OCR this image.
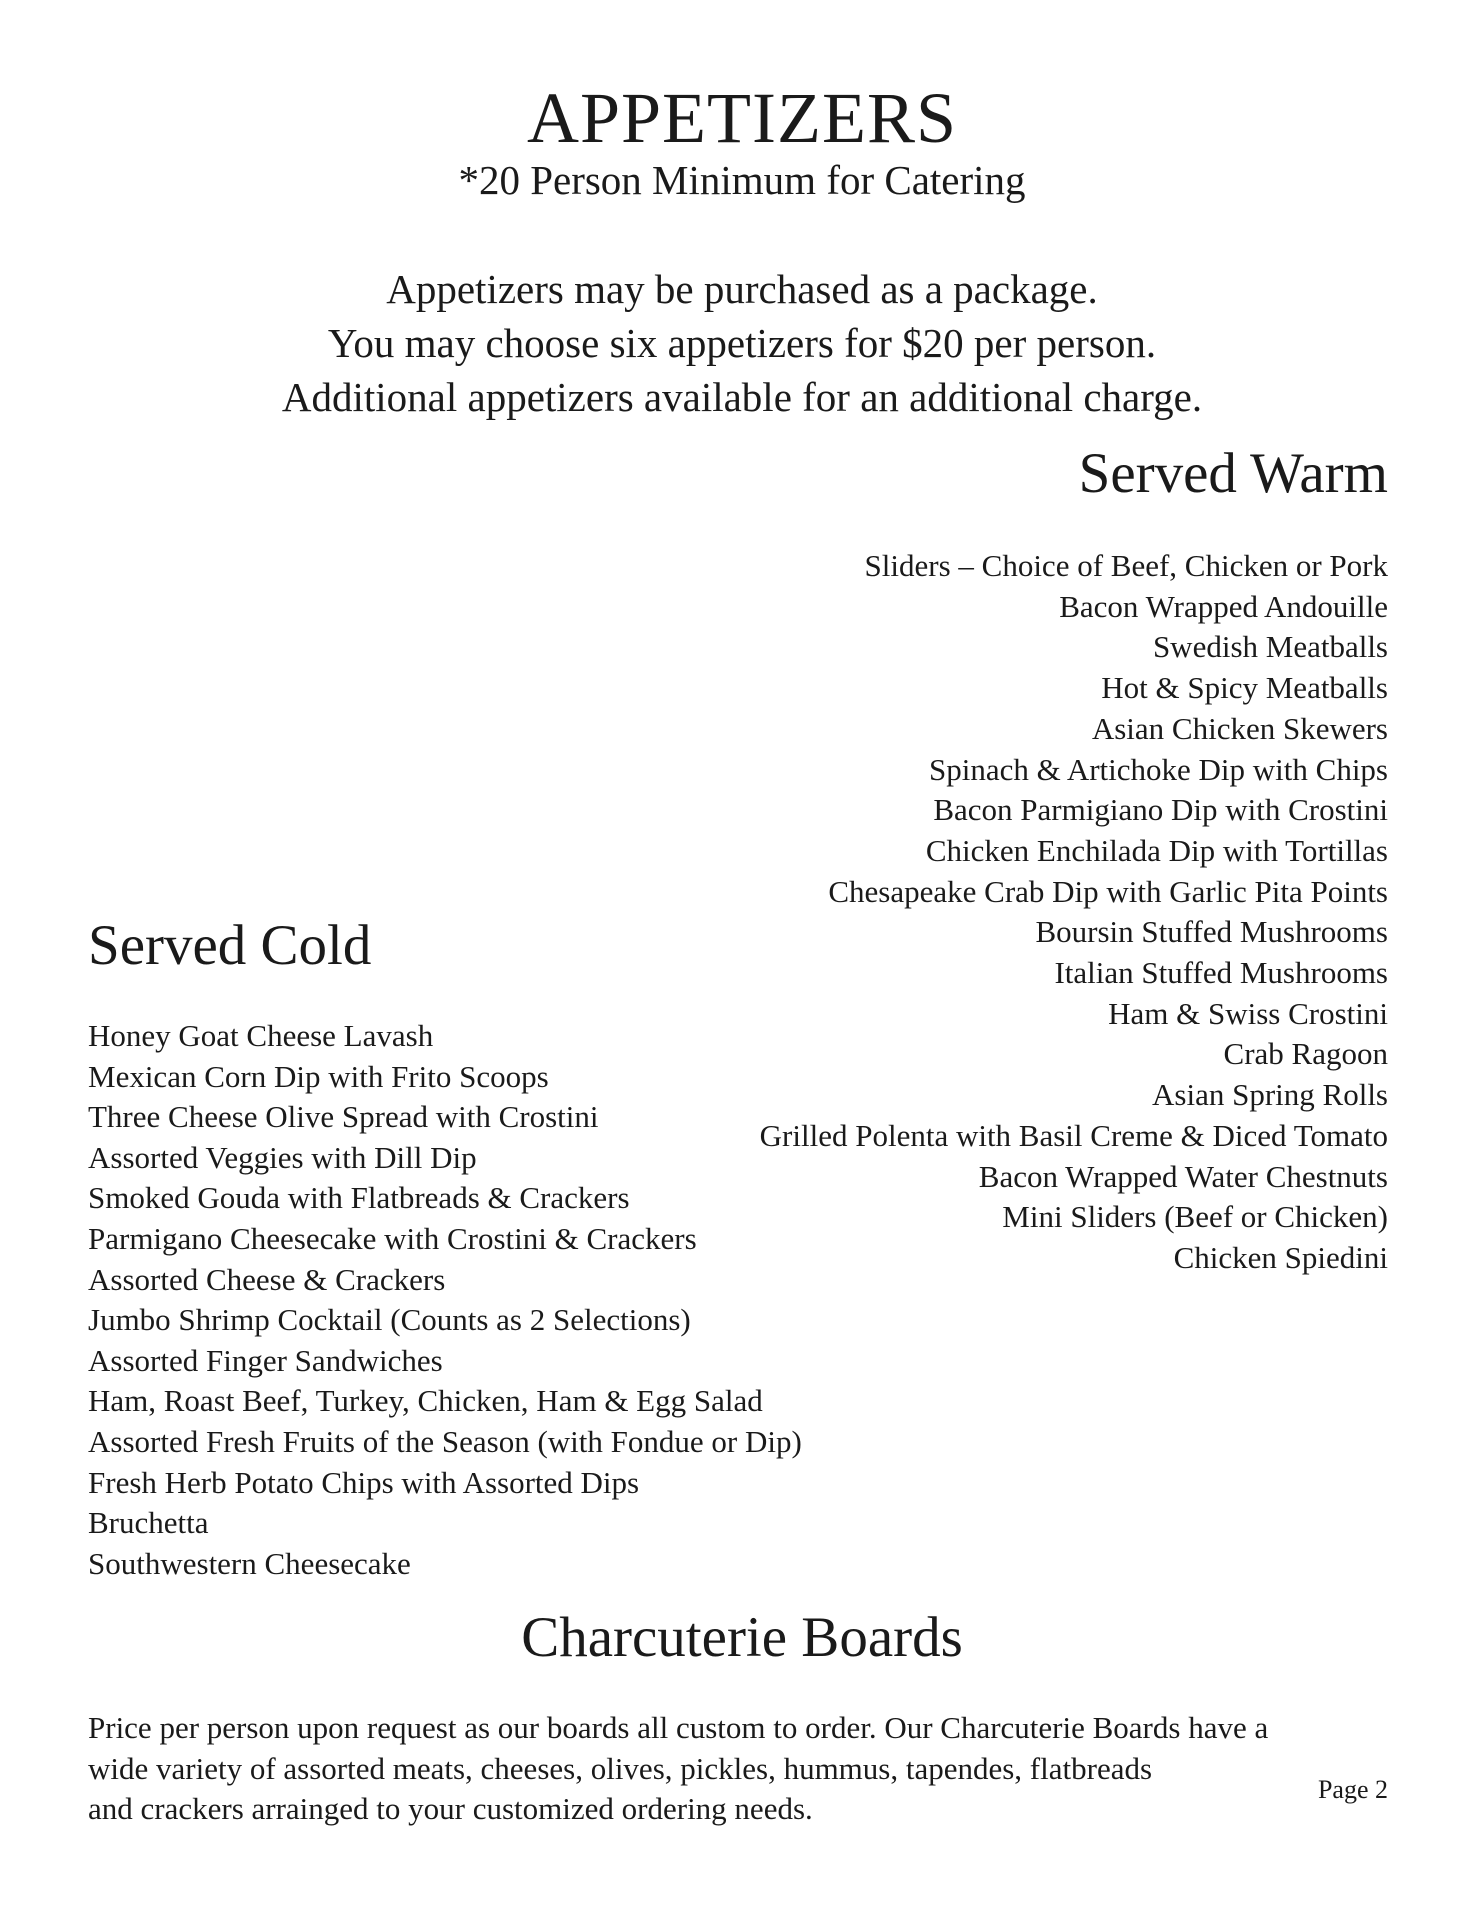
APPETIZERS
*20 Person Minimum for Catering
Appetizers may be purchased as a package.
You may choose six appetizers for $20 per person.
Additional appetizers available for an additional charge.
Served Warm
Sliders – Choice of Beef, Chicken or Pork
Bacon Wrapped Andouille
Swedish Meatballs
Hot & Spicy Meatballs
Asian Chicken Skewers
Spinach & Artichoke Dip with Chips
Bacon Parmigiano Dip with Crostini
Chicken Enchilada Dip with Tortillas
Chesapeake Crab Dip with Garlic Pita Points
Boursin Stuffed Mushrooms
Italian Stuffed Mushrooms
Ham & Swiss Crostini
Crab Ragoon
Asian Spring Rolls
Grilled Polenta with Basil Creme & Diced Tomato
Bacon Wrapped Water Chestnuts
Mini Sliders (Beef or Chicken)
Chicken Spiedini
Served Cold
Honey Goat Cheese Lavash
Mexican Corn Dip with Frito Scoops
Three Cheese Olive Spread with Crostini
Assorted Veggies with Dill Dip
Smoked Gouda with Flatbreads & Crackers
Parmigano Cheesecake with Crostini & Crackers
Assorted Cheese & Crackers
Jumbo Shrimp Cocktail (Counts as 2 Selections)
Assorted Finger Sandwiches
Ham, Roast Beef, Turkey, Chicken, Ham & Egg Salad
Assorted Fresh Fruits of the Season (with Fondue or Dip)
Fresh Herb Potato Chips with Assorted Dips
Bruchetta
Southwestern Cheesecake
Charcuterie Boards
Price per person upon request as our boards all custom to order. Our Charcuterie Boards have a
wide variety of assorted meats, cheeses, olives, pickles, hummus, tapendes, flatbreads
and crackers arrainged to your customized ordering needs.
Page 2
